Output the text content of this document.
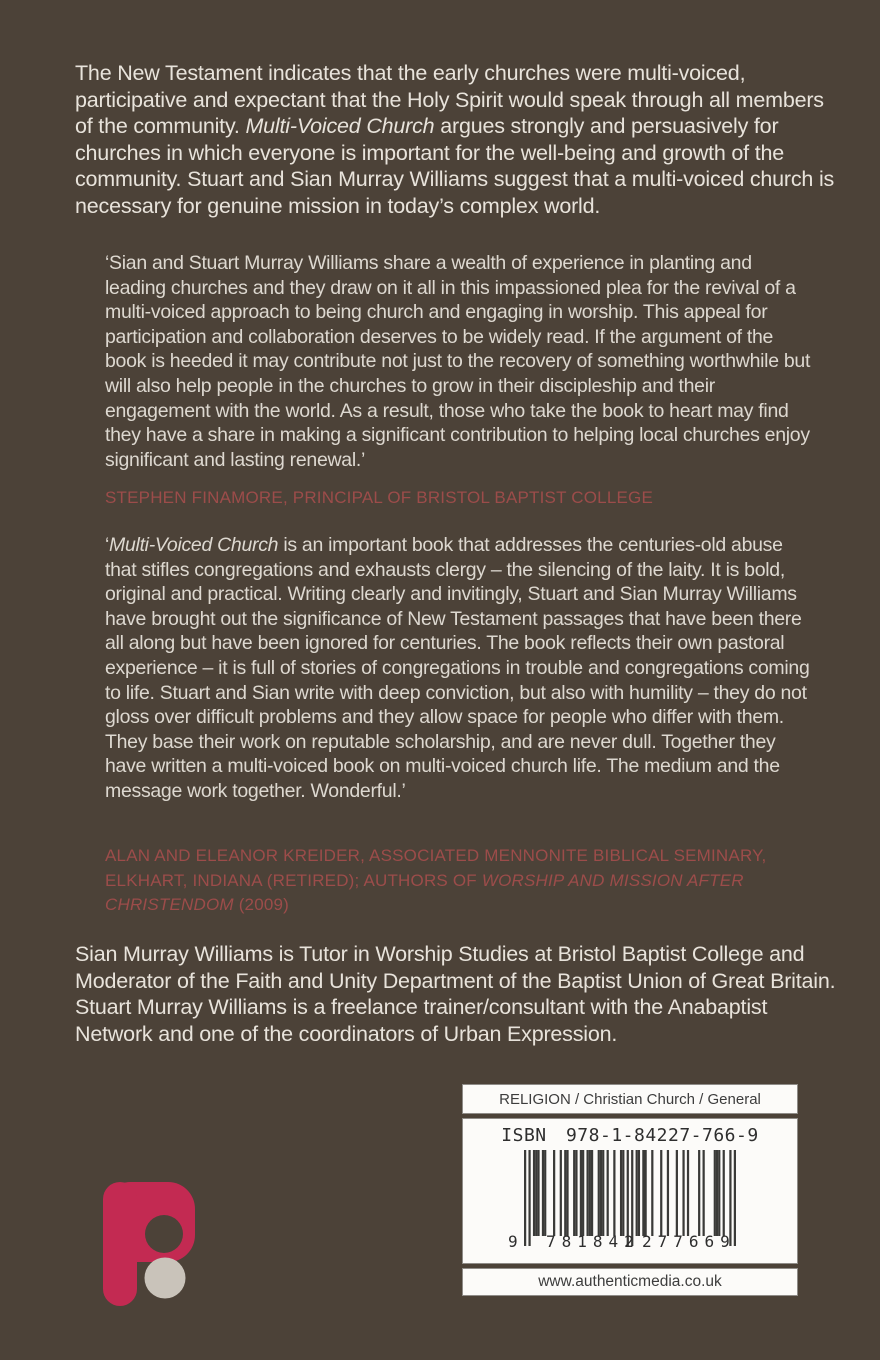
The New Testament indicates that the early churches were multi-voiced, participative and expectant that the Holy Spirit would speak through all members of the community. Multi-Voiced Church argues strongly and persuasively for churches in which everyone is important for the well-being and growth of the community. Stuart and Sian Murray Williams suggest that a multi-voiced church is necessary for genuine mission in today’s complex world.

‘Sian and Stuart Murray Williams share a wealth of experience in planting and leading churches and they draw on it all in this impassioned plea for the revival of a multi-voiced approach to being church and engaging in worship. This appeal for participation and collaboration deserves to be widely read. If the argument of the book is heeded it may contribute not just to the recovery of something worthwhile but will also help people in the churches to grow in their discipleship and their engagement with the world. As a result, those who take the book to heart may find they have a share in making a significant contribution to helping local churches enjoy significant and lasting renewal.’

STEPHEN FINAMORE, PRINCIPAL OF BRISTOL BAPTIST COLLEGE

‘Multi-Voiced Church is an important book that addresses the centuries-old abuse that stifles congregations and exhausts clergy – the silencing of the laity. It is bold, original and practical. Writing clearly and invitingly, Stuart and Sian Murray Williams have brought out the significance of New Testament passages that have been there all along but have been ignored for centuries. The book reflects their own pastoral experience – it is full of stories of congregations in trouble and congregations coming to life. Stuart and Sian write with deep conviction, but also with humility – they do not gloss over difficult problems and they allow space for people who differ with them. They base their work on reputable scholarship, and are never dull. Together they have written a multi-voiced book on multi-voiced church life. The medium and the message work together. Wonderful.’

ALAN AND ELEANOR KREIDER, ASSOCIATED MENNONITE BIBLICAL SEMINARY, ELKHART, INDIANA (RETIRED); AUTHORS OF WORSHIP AND MISSION AFTER CHRISTENDOM (2009)

Sian Murray Williams is Tutor in Worship Studies at Bristol Baptist College and Moderator of the Faith and Unity Department of the Baptist Union of Great Britain. Stuart Murray Williams is a freelance trainer/consultant with the Anabaptist Network and one of the coordinators of Urban Expression.

RELIGION / Christian Church / General
ISBN 978-1-84227-766-9
9 781842 277669
www.authenticmedia.co.uk
